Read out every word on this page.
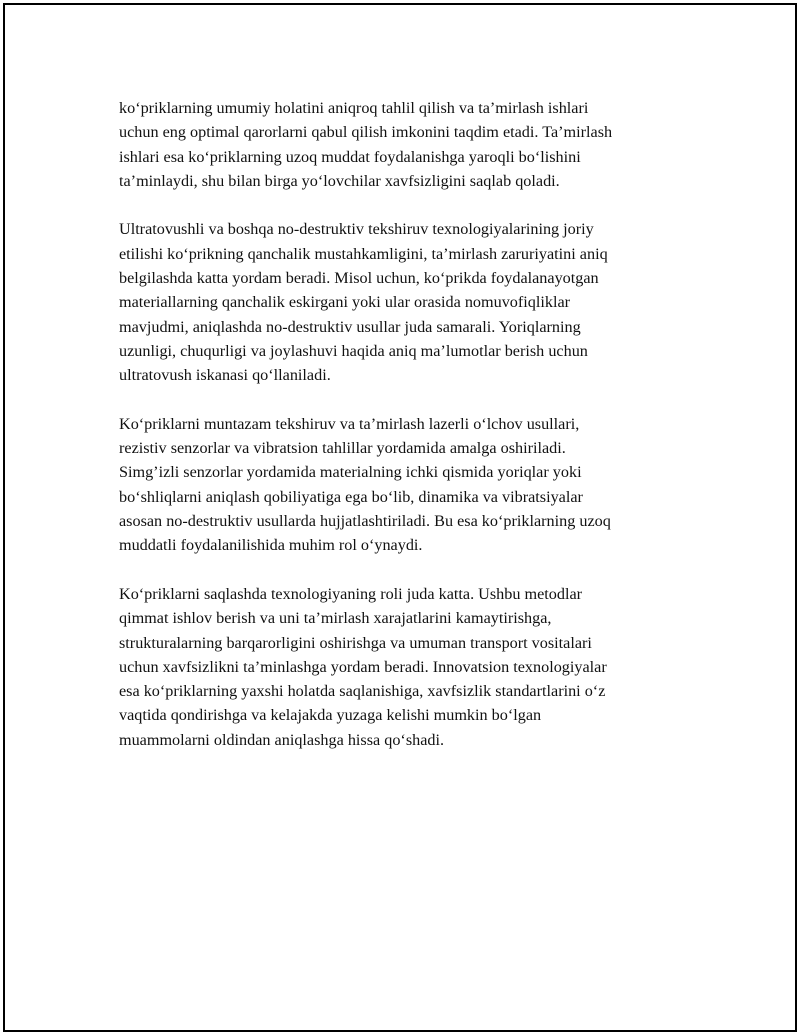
ko‘priklarning umumiy holatini aniqroq tahlil qilish va ta’mirlash ishlari
uchun eng optimal qarorlarni qabul qilish imkonini taqdim etadi. Ta’mirlash
ishlari esa ko‘priklarning uzoq muddat foydalanishga yaroqli bo‘lishini
ta’minlaydi, shu bilan birga yo‘lovchilar xavfsizligini saqlab qoladi.

Ultratovushli va boshqa no-destruktiv tekshiruv texnologiyalarining joriy
etilishi ko‘prikning qanchalik mustahkamligini, ta’mirlash zaruriyatini aniq
belgilashda katta yordam beradi. Misol uchun, ko‘prikda foydalanayotgan
materiallarning qanchalik eskirgani yoki ular orasida nomuvofiqliklar
mavjudmi, aniqlashda no-destruktiv usullar juda samarali. Yoriqlarning
uzunligi, chuqurligi va joylashuvi haqida aniq ma’lumotlar berish uchun
ultratovush iskanasi qo‘llaniladi.

Ko‘priklarni muntazam tekshiruv va ta’mirlash lazerli o‘lchov usullari,
rezistiv senzorlar va vibratsion tahlillar yordamida amalga oshiriladi.
Simg’izli senzorlar yordamida materialning ichki qismida yoriqlar yoki
bo‘shliqlarni aniqlash qobiliyatiga ega bo‘lib, dinamika va vibratsiyalar
asosan no-destruktiv usullarda hujjatlashtiriladi. Bu esa ko‘priklarning uzoq
muddatli foydalanilishida muhim rol o‘ynaydi.

Ko‘priklarni saqlashda texnologiyaning roli juda katta. Ushbu metodlar
qimmat ishlov berish va uni ta’mirlash xarajatlarini kamaytirishga,
strukturalarning barqarorligini oshirishga va umuman transport vositalari
uchun xavfsizlikni ta’minlashga yordam beradi. Innovatsion texnologiyalar
esa ko‘priklarning yaxshi holatda saqlanishiga, xavfsizlik standartlarini o‘z
vaqtida qondirishga va kelajakda yuzaga kelishi mumkin bo‘lgan
muammolarni oldindan aniqlashga hissa qo‘shadi.
